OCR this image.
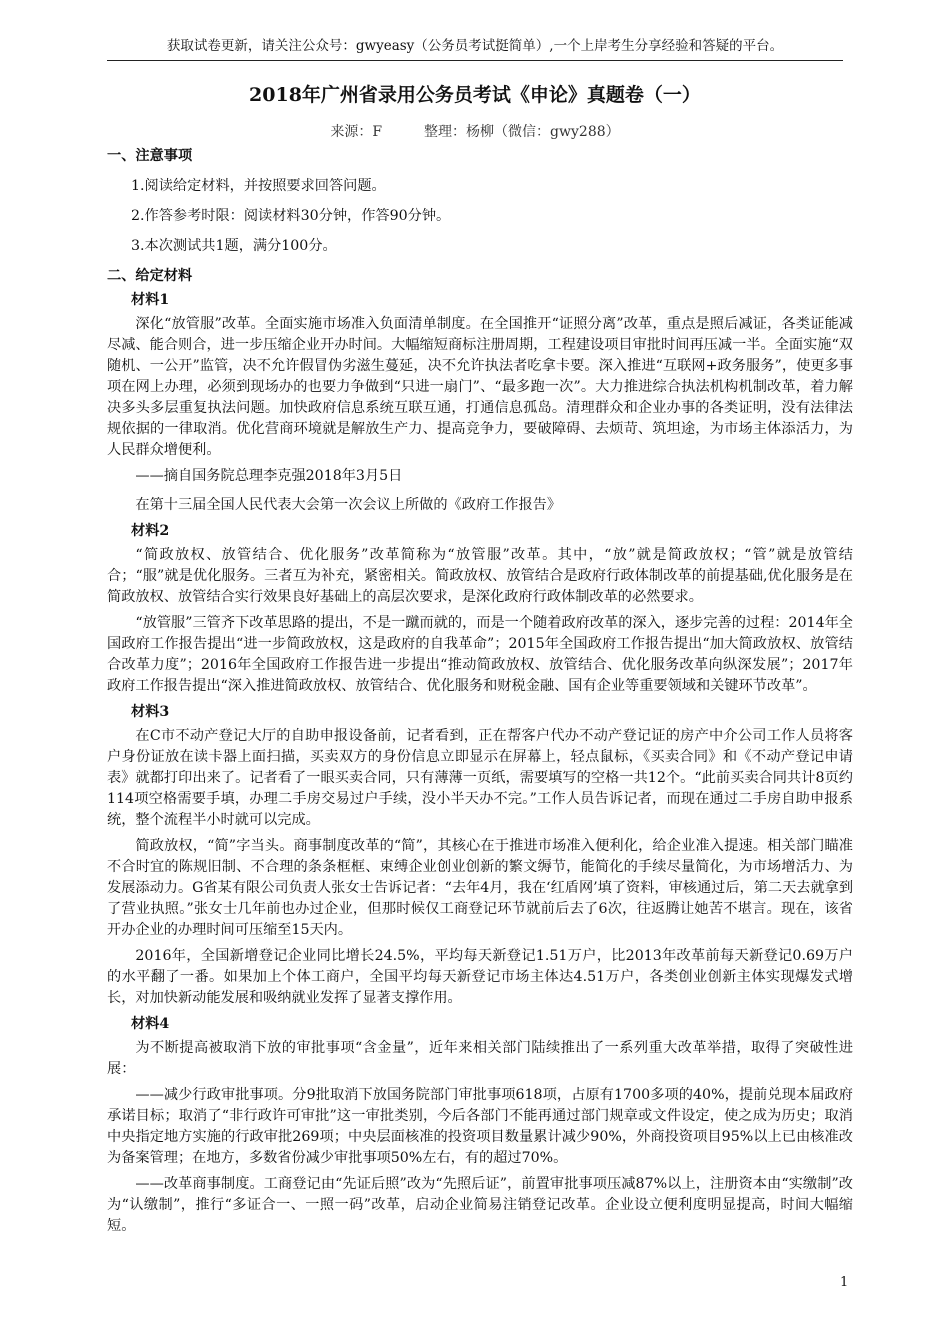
获取试卷更新，请关注公众号：gwyeasy（公务员考试挺简单）,一个上岸考生分享经验和答疑的平台。
2018年广州省录用公务员考试《申论》真题卷（一）
来源：F　　　整理：杨柳（微信：gwy288）

一、注意事项

1.阅读给定材料，并按照要求回答问题。

2.作答参考时限：阅读材料30分钟，作答90分钟。

3.本次测试共1题，满分100分。

二、给定材料

材料1

深化“放管服”改革。全面实施市场准入负面清单制度。在全国推开“证照分离”改革，重点是照后减证，各类证能减尽减、能合则合，进一步压缩企业开办时间。大幅缩短商标注册周期，工程建设项目审批时间再压减一半。全面实施“双随机、一公开”监管，决不允许假冒伪劣滋生蔓延，决不允许执法者吃拿卡要。深入推进“互联网+政务服务”，使更多事项在网上办理，必须到现场办的也要力争做到“只进一扇门”、“最多跑一次”。大力推进综合执法机构机制改革，着力解决多头多层重复执法问题。加快政府信息系统互联互通，打通信息孤岛。清理群众和企业办事的各类证明，没有法律法规依据的一律取消。优化营商环境就是解放生产力、提高竞争力，要破障碍、去烦苛、筑坦途，为市场主体添活力，为人民群众增便利。

——摘自国务院总理李克强2018年3月5日

在第十三届全国人民代表大会第一次会议上所做的《政府工作报告》

材料2

“简政放权、放管结合、优化服务”改革简称为“放管服”改革。其中，“放”就是简政放权；“管”就是放管结合；“服”就是优化服务。三者互为补充，紧密相关。简政放权、放管结合是政府行政体制改革的前提基础,优化服务是在简政放权、放管结合实行效果良好基础上的高层次要求，是深化政府行政体制改革的必然要求。

“放管服”三管齐下改革思路的提出，不是一蹴而就的，而是一个随着政府改革的深入，逐步完善的过程：2014年全国政府工作报告提出“进一步简政放权，这是政府的自我革命”；2015年全国政府工作报告提出“加大简政放权、放管结合改革力度”；2016年全国政府工作报告进一步提出“推动简政放权、放管结合、优化服务改革向纵深发展”；2017年政府工作报告提出“深入推进简政放权、放管结合、优化服务和财税金融、国有企业等重要领域和关键环节改革”。

材料3

在C市不动产登记大厅的自助申报设备前，记者看到，正在帮客户代办不动产登记证的房产中介公司工作人员将客户身份证放在读卡器上面扫描，买卖双方的身份信息立即显示在屏幕上，轻点鼠标，《买卖合同》和《不动产登记申请表》就都打印出来了。记者看了一眼买卖合同，只有薄薄一页纸，需要填写的空格一共12个。“此前买卖合同共计8页约114项空格需要手填，办理二手房交易过户手续，没小半天办不完。”工作人员告诉记者，而现在通过二手房自助申报系统，整个流程半小时就可以完成。

简政放权，“简”字当头。商事制度改革的“简”，其核心在于推进市场准入便利化，给企业准入提速。相关部门瞄准不合时宜的陈规旧制、不合理的条条框框、束缚企业创业创新的繁文缛节，能简化的手续尽量简化，为市场增活力、为发展添动力。G省某有限公司负责人张女士告诉记者：“去年4月，我在‘红盾网’填了资料，审核通过后，第二天去就拿到了营业执照。”张女士几年前也办过企业，但那时候仅工商登记环节就前后去了6次，往返腾让她苦不堪言。现在，该省开办企业的办理时间可压缩至15天内。

2016年，全国新增登记企业同比增长24.5%，平均每天新登记1.51万户，比2013年改革前每天新登记0.69万户的水平翻了一番。如果加上个体工商户，全国平均每天新登记市场主体达4.51万户，各类创业创新主体实现爆发式增长，对加快新动能发展和吸纳就业发挥了显著支撑作用。

材料4

为不断提高被取消下放的审批事项“含金量”，近年来相关部门陆续推出了一系列重大改革举措，取得了突破性进展：

——减少行政审批事项。分9批取消下放国务院部门审批事项618项，占原有1700多项的40%，提前兑现本届政府承诺目标；取消了“非行政许可审批”这一审批类别，今后各部门不能再通过部门规章或文件设定，使之成为历史；取消中央指定地方实施的行政审批269项；中央层面核准的投资项目数量累计减少90%，外商投资项目95%以上已由核准改为备案管理；在地方，多数省份减少审批事项50%左右，有的超过70%。

——改革商事制度。工商登记由“先证后照”改为“先照后证”，前置审批事项压减87%以上，注册资本由“实缴制”改为“认缴制”，推行“多证合一、一照一码”改革，启动企业简易注销登记改革。企业设立便利度明显提高，时间大幅缩短。

1
